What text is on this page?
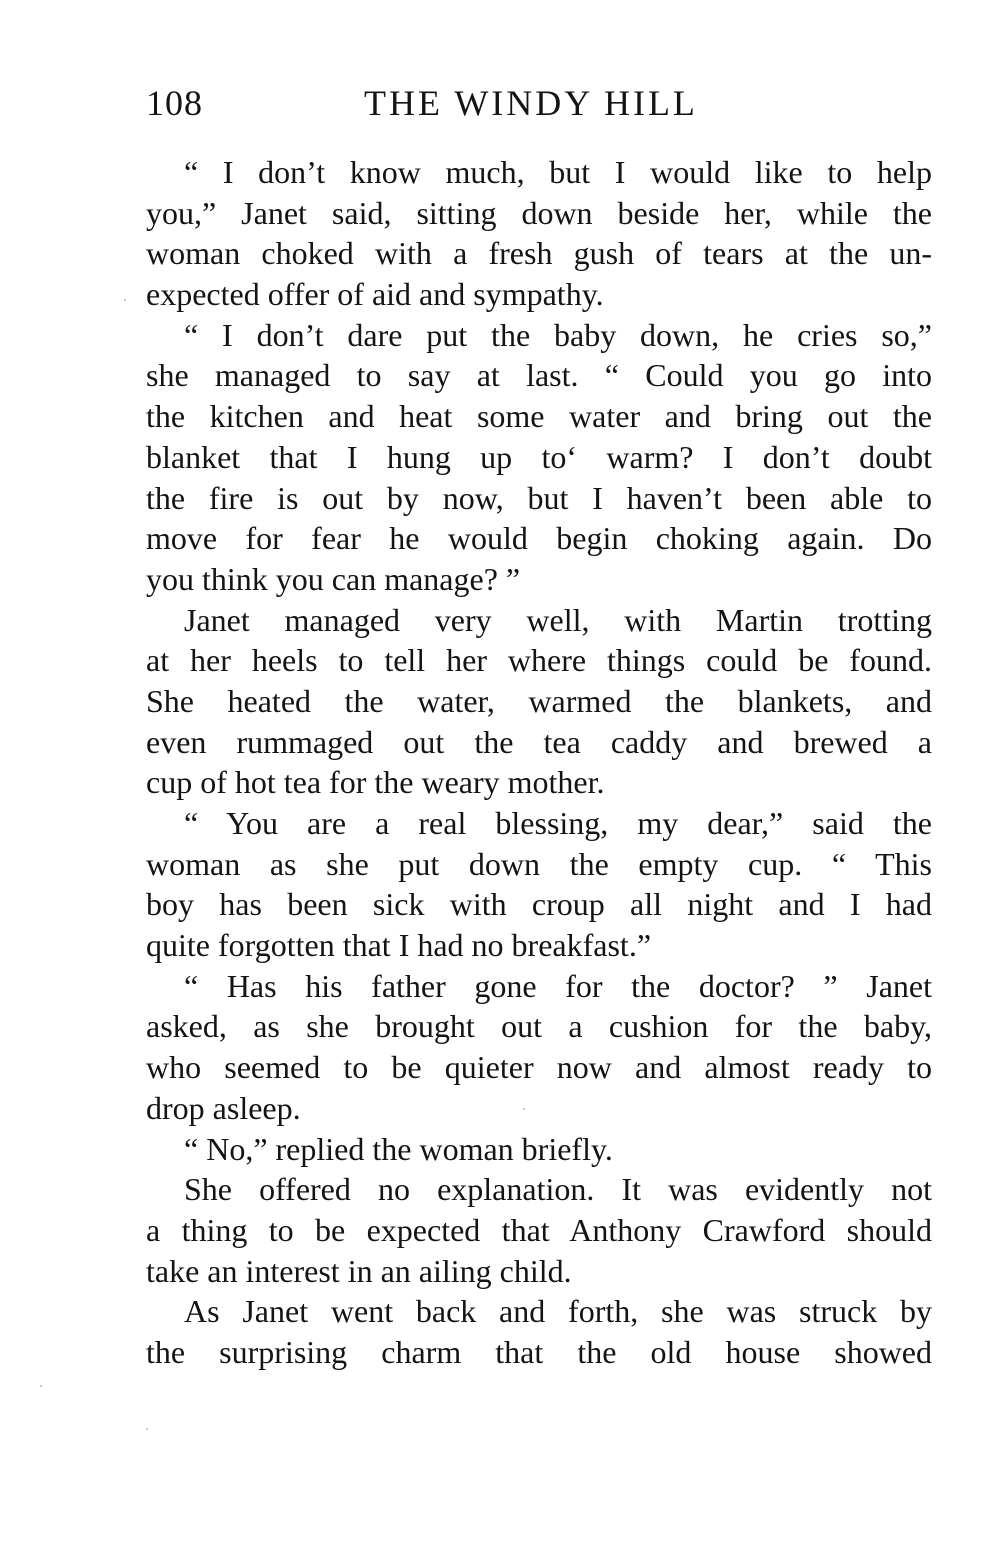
108	THE WINDY HILL
“ I don’t know much, but I would like to help
you,” Janet said, sitting down beside her, while the
woman choked with a fresh gush of tears at the un-
expected offer of aid and sympathy.
“ I don’t dare put the baby down, he cries so,”
she managed to say at last. “ Could you go into
the kitchen and heat some water and bring out the
blanket that I hung up to‘ warm? I don’t doubt
the fire is out by now, but I haven’t been able to
move for fear he would begin choking again. Do
you think you can manage? ”
Janet managed very well, with Martin trotting
at her heels to tell her where things could be found.
She heated the water, warmed the blankets, and
even rummaged out the tea caddy and brewed a
cup of hot tea for the weary mother.
“ You are a real blessing, my dear,” said the
woman as she put down the empty cup. “ This
boy has been sick with croup all night and I had
quite forgotten that I had no breakfast.”
“ Has his father gone for the doctor? ” Janet
asked, as she brought out a cushion for the baby,
who seemed to be quieter now and almost ready to
drop asleep.
“ No,” replied the woman briefly.
She offered no explanation. It was evidently not
a thing to be expected that Anthony Crawford should
take an interest in an ailing child.
As Janet went back and forth, she was struck by
the surprising charm that the old house showed
